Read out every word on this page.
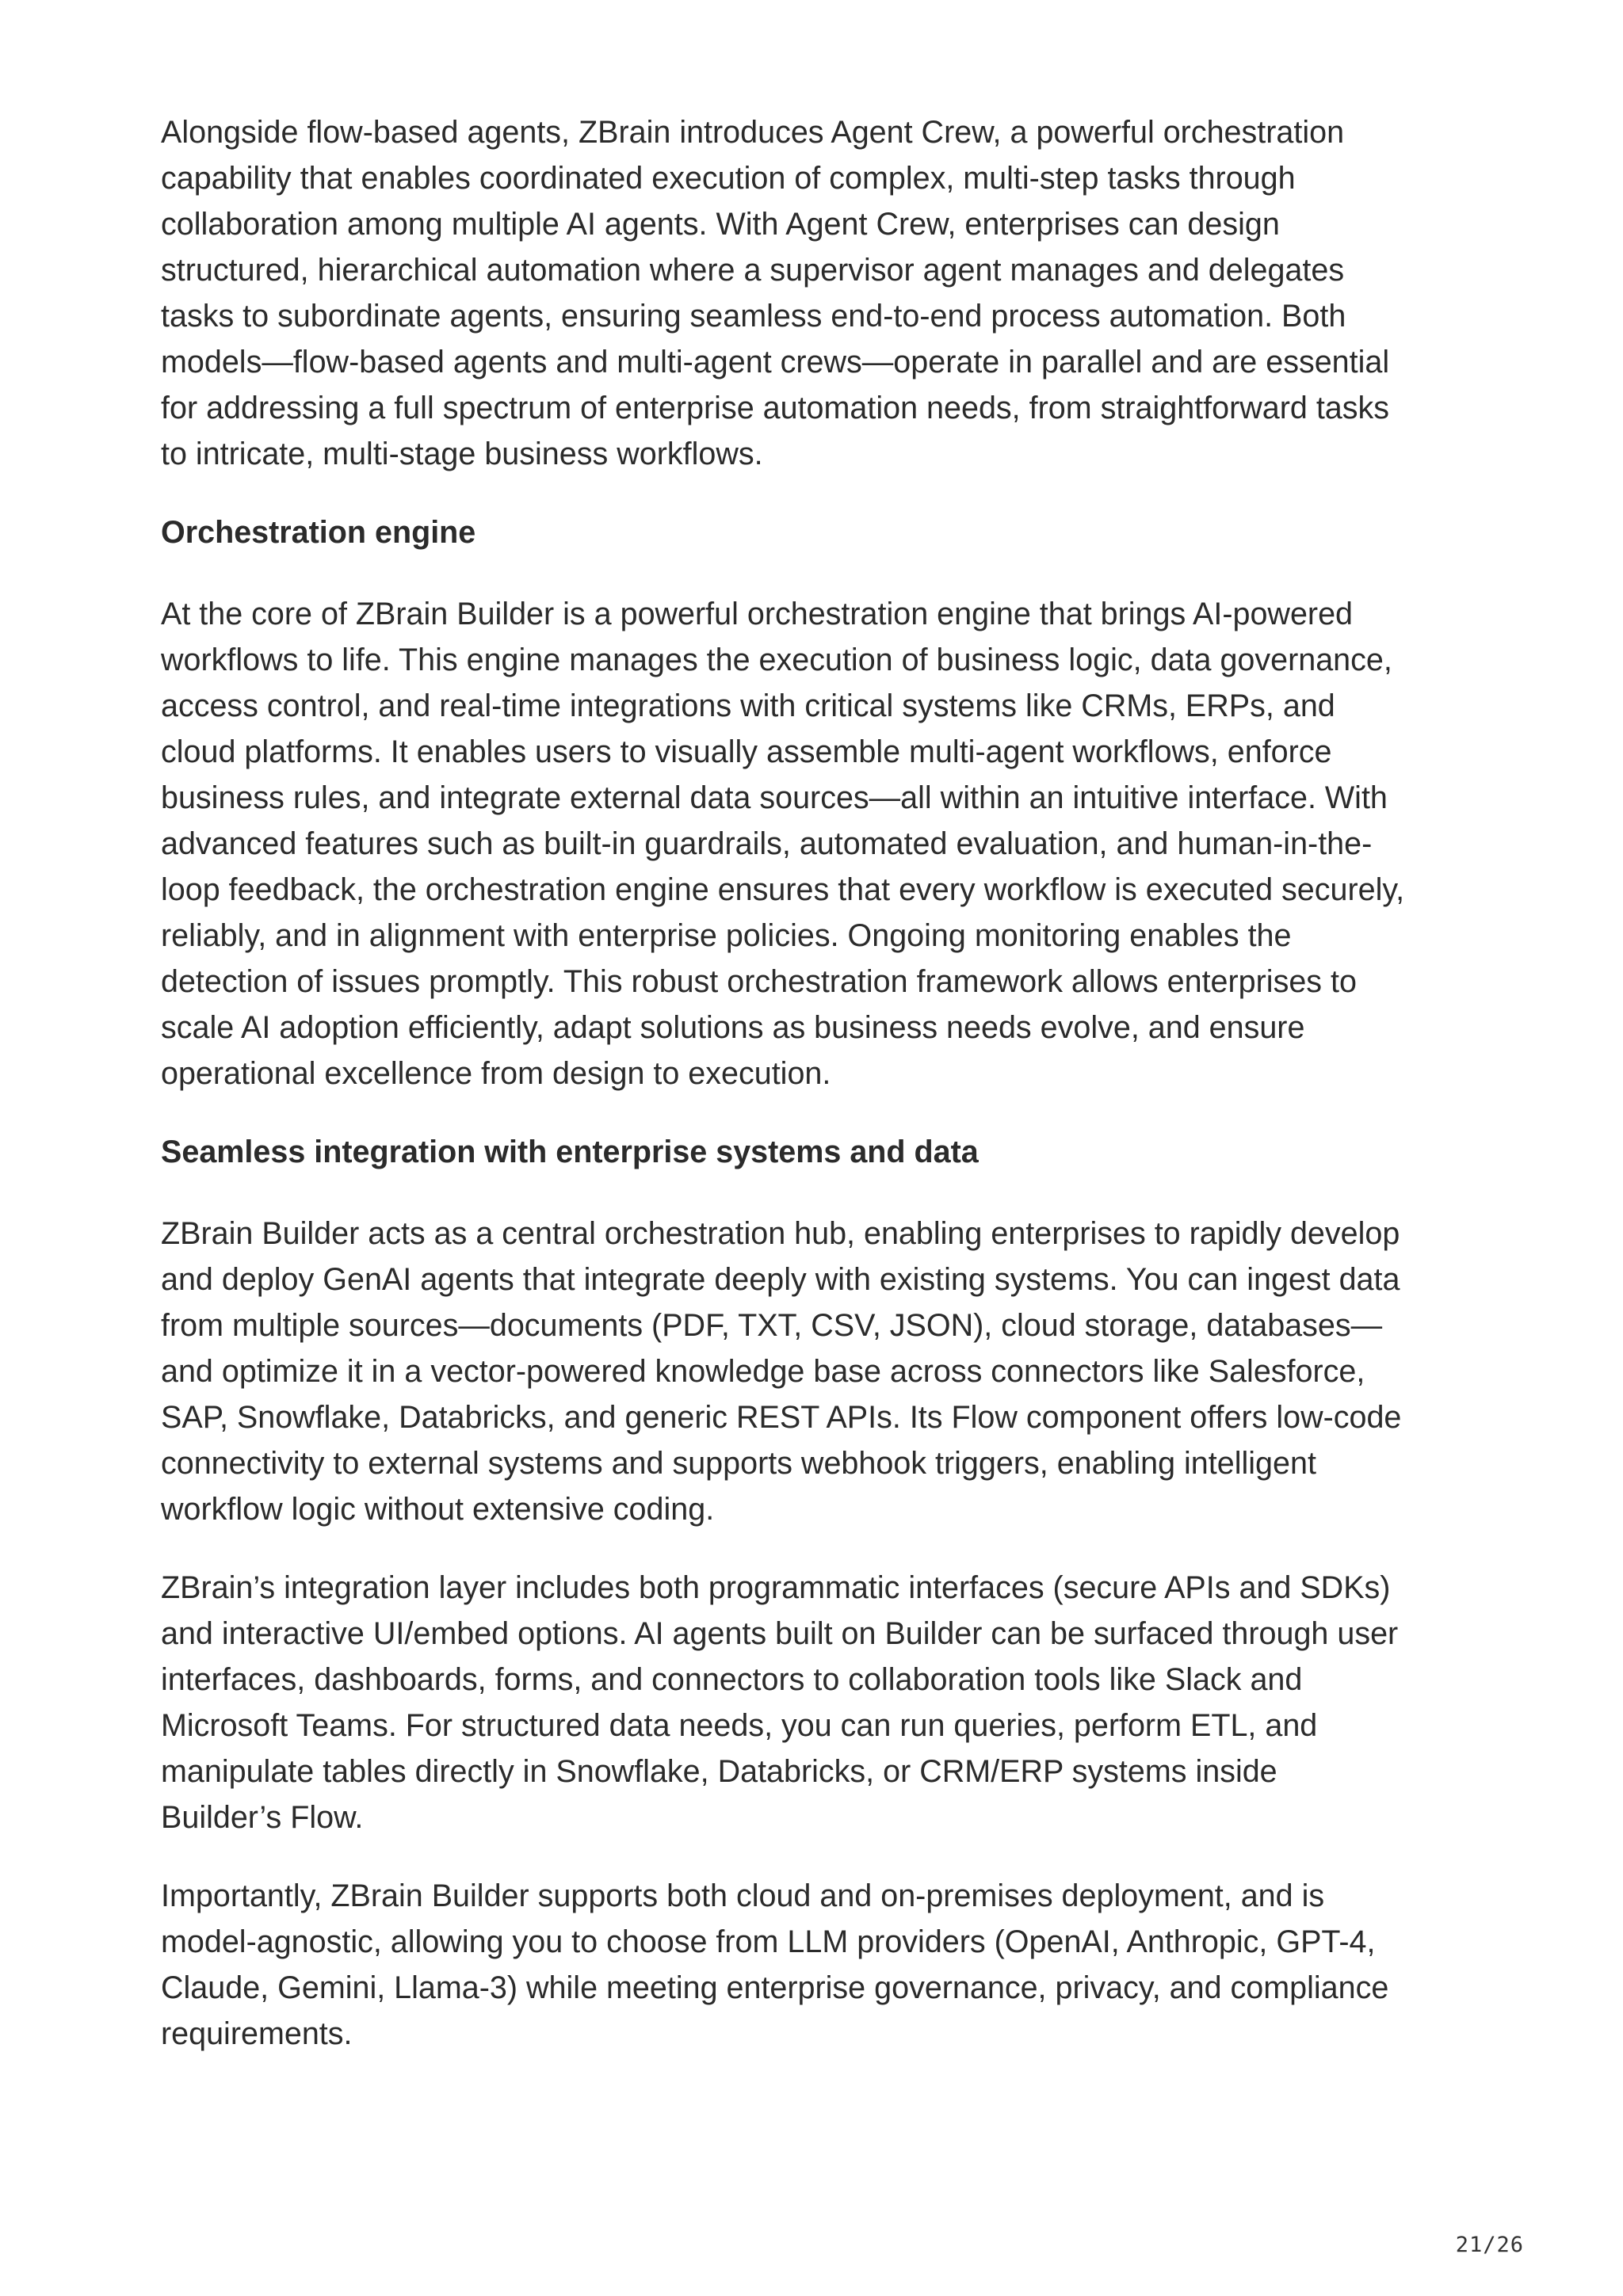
Alongside flow-based agents, ZBrain introduces Agent Crew, a powerful orchestration
capability that enables coordinated execution of complex, multi-step tasks through
collaboration among multiple AI agents. With Agent Crew, enterprises can design
structured, hierarchical automation where a supervisor agent manages and delegates
tasks to subordinate agents, ensuring seamless end-to-end process automation. Both
models—flow-based agents and multi-agent crews—operate in parallel and are essential
for addressing a full spectrum of enterprise automation needs, from straightforward tasks
to intricate, multi-stage business workflows.

Orchestration engine

At the core of ZBrain Builder is a powerful orchestration engine that brings AI-powered
workflows to life. This engine manages the execution of business logic, data governance,
access control, and real-time integrations with critical systems like CRMs, ERPs, and
cloud platforms. It enables users to visually assemble multi-agent workflows, enforce
business rules, and integrate external data sources—all within an intuitive interface. With
advanced features such as built-in guardrails, automated evaluation, and human-in-the-
loop feedback, the orchestration engine ensures that every workflow is executed securely,
reliably, and in alignment with enterprise policies. Ongoing monitoring enables the
detection of issues promptly. This robust orchestration framework allows enterprises to
scale AI adoption efficiently, adapt solutions as business needs evolve, and ensure
operational excellence from design to execution.

Seamless integration with enterprise systems and data

ZBrain Builder acts as a central orchestration hub, enabling enterprises to rapidly develop
and deploy GenAI agents that integrate deeply with existing systems. You can ingest data
from multiple sources—documents (PDF, TXT, CSV, JSON), cloud storage, databases—
and optimize it in a vector-powered knowledge base across connectors like Salesforce,
SAP, Snowflake, Databricks, and generic REST APIs. Its Flow component offers low-code
connectivity to external systems and supports webhook triggers, enabling intelligent
workflow logic without extensive coding.

ZBrain’s integration layer includes both programmatic interfaces (secure APIs and SDKs)
and interactive UI/embed options. AI agents built on Builder can be surfaced through user
interfaces, dashboards, forms, and connectors to collaboration tools like Slack and
Microsoft Teams. For structured data needs, you can run queries, perform ETL, and
manipulate tables directly in Snowflake, Databricks, or CRM/ERP systems inside
Builder’s Flow.

Importantly, ZBrain Builder supports both cloud and on-premises deployment, and is
model-agnostic, allowing you to choose from LLM providers (OpenAI, Anthropic, GPT-4,
Claude, Gemini, Llama-3) while meeting enterprise governance, privacy, and compliance
requirements.

21/26
